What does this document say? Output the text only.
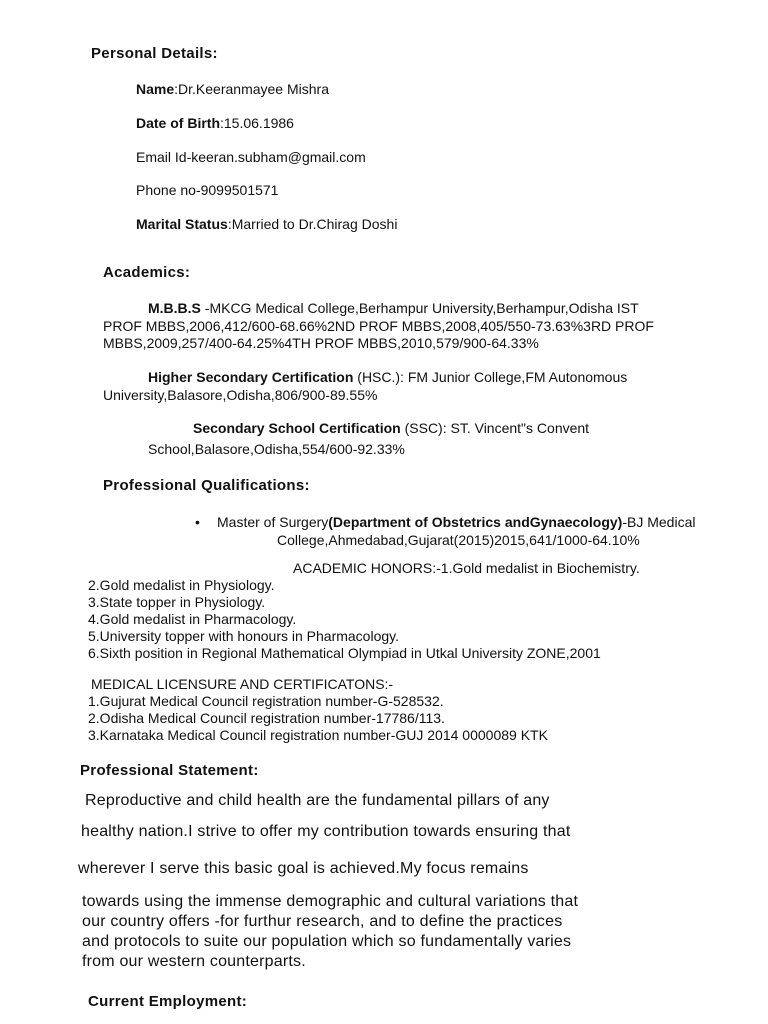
Personal Details:
Name:Dr.Keeranmayee Mishra
Date of Birth:15.06.1986
Email Id-keeran.subham@gmail.com
Phone no-9099501571
Marital Status:Married to Dr.Chirag Doshi
Academics:
M.B.B.S -MKCG Medical College,Berhampur University,Berhampur,Odisha IST
PROF MBBS,2006,412/600-68.66%2ND PROF MBBS,2008,405/550-73.63%3RD PROF
MBBS,2009,257/400-64.25%4TH PROF MBBS,2010,579/900-64.33%
Higher Secondary Certification (HSC.): FM Junior College,FM Autonomous
University,Balasore,Odisha,806/900-89.55%
Secondary School Certification (SSC): ST. Vincent"s Convent
School,Balasore,Odisha,554/600-92.33%
Professional Qualifications:
• Master of Surgery(Department of Obstetrics andGynaecology)-BJ Medical
College,Ahmedabad,Gujarat(2015)2015,641/1000-64.10%
ACADEMIC HONORS:-1.Gold medalist in Biochemistry.
2.Gold medalist in Physiology.
3.State topper in Physiology.
4.Gold medalist in Pharmacology.
5.University topper with honours in Pharmacology.
6.Sixth position in Regional Mathematical Olympiad in Utkal University ZONE,2001
MEDICAL LICENSURE AND CERTIFICATONS:-
1.Gujurat Medical Council registration number-G-528532.
2.Odisha Medical Council registration number-17786/113.
3.Karnataka Medical Council registration number-GUJ 2014 0000089 KTK
Professional Statement:
Reproductive and child health are the fundamental pillars of any
healthy nation.I strive to offer my contribution towards ensuring that
wherever I serve this basic goal is achieved.My focus remains
towards using the immense demographic and cultural variations that
our country offers -for furthur research, and to define the practices
and protocols to suite our population which so fundamentally varies
from our western counterparts.
Current Employment:
